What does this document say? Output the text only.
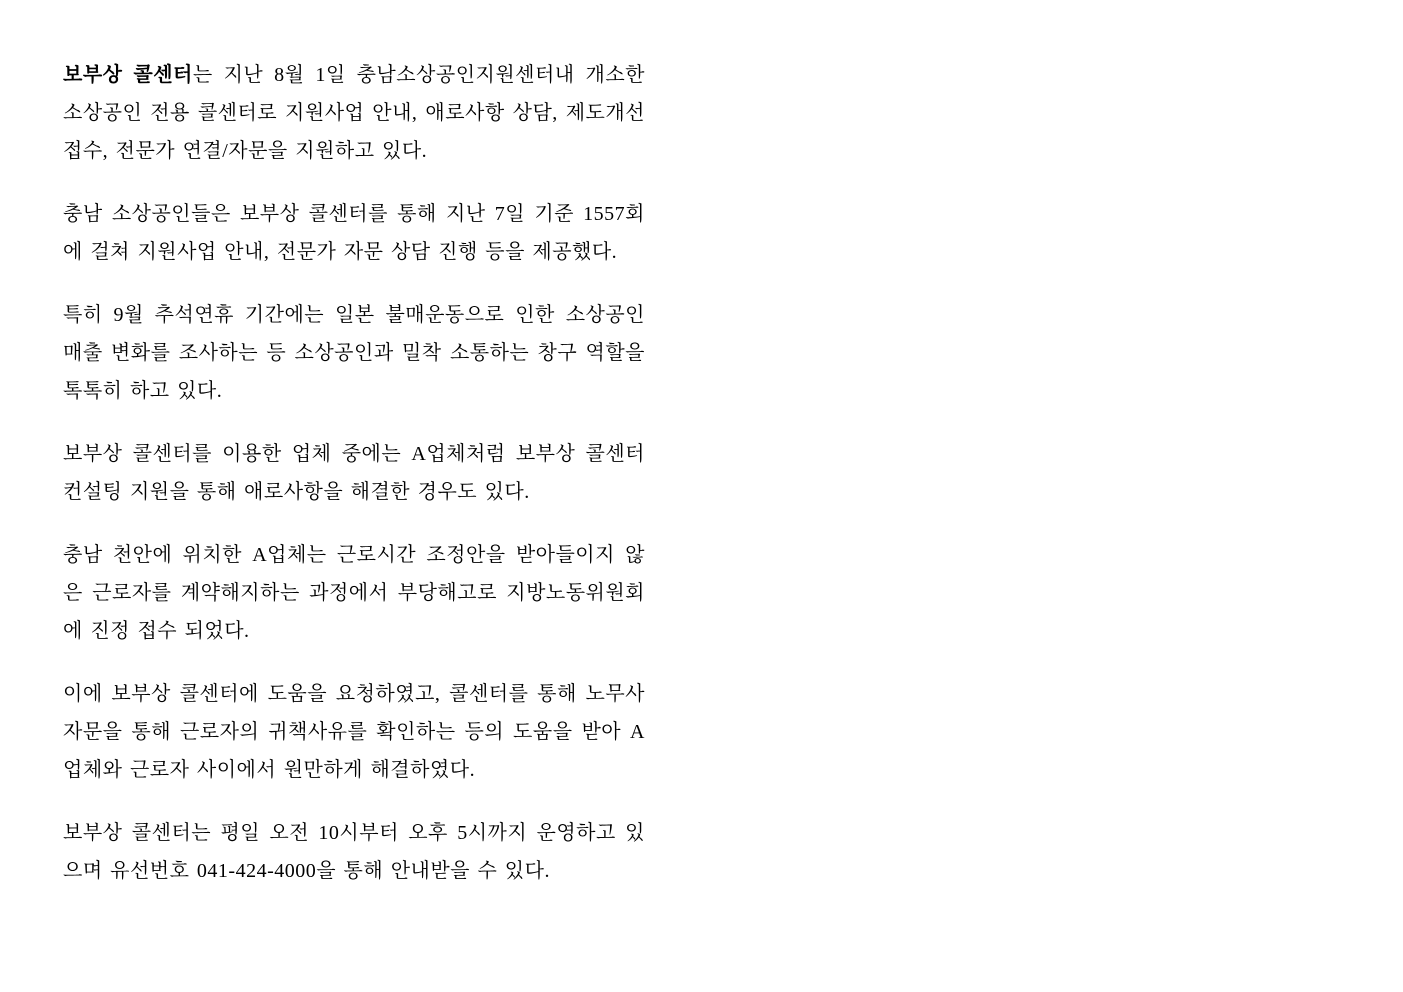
보부상 콜센터는 지난 8월 1일 충남소상공인지원센터내 개소한 소상공인 전용 콜센터로 지원사업 안내, 애로사항 상담, 제도개선 접수, 전문가 연결/자문을 지원하고 있다.

충남 소상공인들은 보부상 콜센터를 통해 지난 7일 기준 1557회에 걸쳐 지원사업 안내, 전문가 자문 상담 진행 등을 제공했다.

특히 9월 추석연휴 기간에는 일본 불매운동으로 인한 소상공인 매출 변화를 조사하는 등 소상공인과 밀착 소통하는 창구 역할을 톡톡히 하고 있다.

보부상 콜센터를 이용한 업체 중에는 A업체처럼 보부상 콜센터 컨설팅 지원을 통해 애로사항을 해결한 경우도 있다.

충남 천안에 위치한 A업체는 근로시간 조정안을 받아들이지 않은 근로자를 계약해지하는 과정에서 부당해고로 지방노동위원회에 진정 접수 되었다.

이에 보부상 콜센터에 도움을 요청하였고, 콜센터를 통해 노무사 자문을 통해 근로자의 귀책사유를 확인하는 등의 도움을 받아 A업체와 근로자 사이에서 원만하게 해결하였다.

보부상 콜센터는 평일 오전 10시부터 오후 5시까지 운영하고 있으며 유선번호 041-424-4000을 통해 안내받을 수 있다.
